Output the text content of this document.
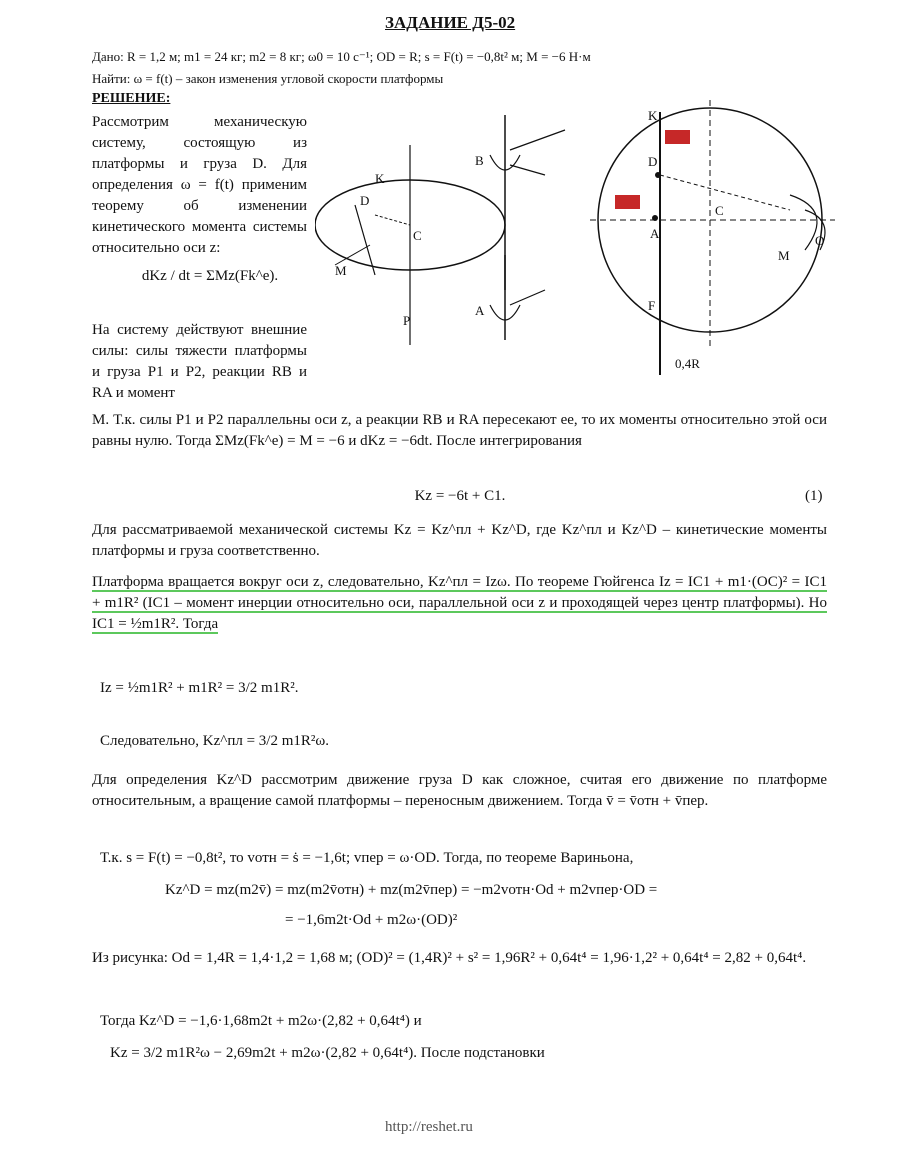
ЗАДАНИЕ Д5-02
Дано: R = 1,2 м; m1 = 24 кг; m2 = 8 кг; ω0 = 10 с⁻¹; OD = R; s = F(t) = −0,8t² м; M = −6 Н·м
Найти: ω = f(t) – закон изменения угловой скорости платформы
РЕШЕНИЕ:
Рассмотрим механическую систему, состоящую из платформы и груза D. Для определения ω = f(t) применим теорему об изменении кинетического момента системы относительно оси z:
dKz / dt = ΣMz(Fk^e).
На систему действуют внешние силы: силы тяжести платформы и груза P1 и P2, реакции RB и RA и момент
K
D
C
M
P
B
A
K
D
C
A	O
M
F
0,4R
M. Т.к. силы P1 и P2 параллельны оси z, а реакции RB и RA пересекают ее, то их моменты относительно этой оси равны нулю. Тогда ΣMz(Fk^e) = M = −6 и dKz = −6dt. После интегрирования
Kz = −6t + C1.	(1)
Для рассматриваемой механической системы Kz = Kz^пл + Kz^D, где Kz^пл и Kz^D – кинетические моменты платформы и груза соответственно.
Платформа вращается вокруг оси z, следовательно, Kz^пл = Izω. По теореме Гюйгенса Iz = IC1 + m1·(OC)² = IC1 + m1R² (IC1 – момент инерции относительно оси, параллельной оси z и проходящей через центр платформы). Но IC1 = ½m1R². Тогда
Iz = ½m1R² + m1R² = 3/2 m1R².
Следовательно, Kz^пл = 3/2 m1R²ω.
Для определения Kz^D рассмотрим движение груза D как сложное, считая его движение по платформе относительным, а вращение самой платформы – переносным движением. Тогда v̄ = v̄отн + v̄пер.
Т.к. s = F(t) = −0,8t², то vотн = ṡ = −1,6t; vпер = ω·OD. Тогда, по теореме Вариньона,
Kz^D = mz(m2v̄) = mz(m2v̄отн) + mz(m2v̄пер) = −m2vотн·Od + m2vпер·OD =
= −1,6m2t·Od + m2ω·(OD)²
Из рисунка: Od = 1,4R = 1,4·1,2 = 1,68 м; (OD)² = (1,4R)² + s² = 1,96R² + 0,64t⁴ = 1,96·1,2² + 0,64t⁴ = 2,82 + 0,64t⁴.
Тогда Kz^D = −1,6·1,68m2t + m2ω·(2,82 + 0,64t⁴) и
Kz = 3/2 m1R²ω − 2,69m2t + m2ω·(2,82 + 0,64t⁴). После подстановки
http://reshet.ru
